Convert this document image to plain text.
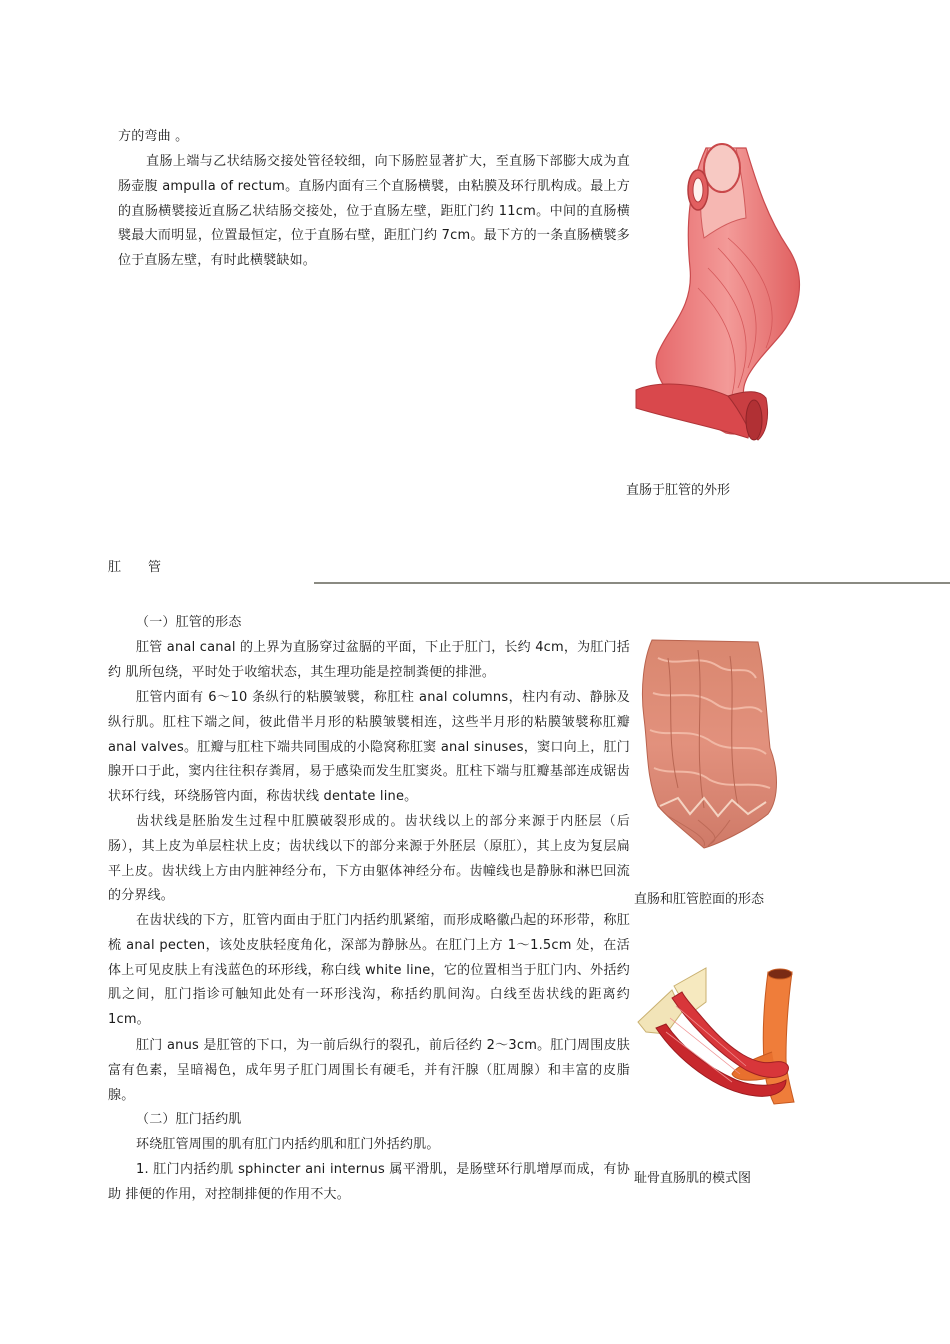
方的弯曲 。

直肠上端与乙状结肠交接处管径较细，向下肠腔显著扩大，至直肠下部膨大成为直肠壶腹 ampulla of rectum。直肠内面有三个直肠横襞，由粘膜及环行肌构成。最上方的直肠横襞接近直肠乙状结肠交接处，位于直肠左壁，距肛门约 11cm。中间的直肠横襞最大而明显，位置最恒定，位于直肠右壁，距肛门约 7cm。最下方的一条直肠横襞多位于直肠左壁，有时此横襞缺如。

直肠于肛管的外形
肛 管

（一）肛管的形态

肛管 anal canal 的上界为直肠穿过盆膈的平面，下止于肛门，长约 4cm，为肛门括约 肌所包绕，平时处于收缩状态，其生理功能是控制粪便的排泄。

肛管内面有 6～10 条纵行的粘膜皱襞，称肛柱 anal columns，柱内有动、静脉及纵行肌。肛柱下端之间，彼此借半月形的粘膜皱襞相连，这些半月形的粘膜皱襞称肛瓣 anal valves。肛瓣与肛柱下端共同围成的小隐窝称肛窦 anal sinuses，窦口向上，肛门腺开口于此，窦内往往积存粪屑，易于感染而发生肛窦炎。肛柱下端与肛瓣基部连成锯齿状环行线，环绕肠管内面，称齿状线 dentate line。

齿状线是胚胎发生过程中肛膜破裂形成的。齿状线以上的部分来源于内胚层（后肠），其上皮为单层柱状上皮；齿状线以下的部分来源于外胚层（原肛），其上皮为复层扁平上皮。齿状线上方由内脏神经分布，下方由躯体神经分布。齿幢线也是静脉和淋巴回流的分界线。

在齿状线的下方，肛管内面由于肛门内括约肌紧缩，而形成略徽凸起的环形带，称肛梳 anal pecten，该处皮肤轻度角化，深部为静脉丛。在肛门上方 1～1.5cm 处，在活体上可见皮肤上有浅蓝色的环形线，称白线 white line，它的位置相当于肛门内、外括约肌之间，肛门指诊可触知此处有一环形浅沟，称括约肌间沟。白线至齿状线的距离约 1cm。

肛门 anus 是肛管的下口，为一前后纵行的裂孔，前后径约 2～3cm。肛门周围皮肤富有色素，呈暗褐色，成年男子肛门周围长有硬毛，并有汗腺（肛周腺）和丰富的皮脂腺。

（二）肛门括约肌

环绕肛管周围的肌有肛门内括约肌和肛门外括约肌。

1. 肛门内括约肌 sphincter ani internus 属平滑肌，是肠壁环行肌增厚而成，有协助 排便的作用，对控制排便的作用不大。

直肠和肛管腔面的形态
耻骨直肠肌的模式图
